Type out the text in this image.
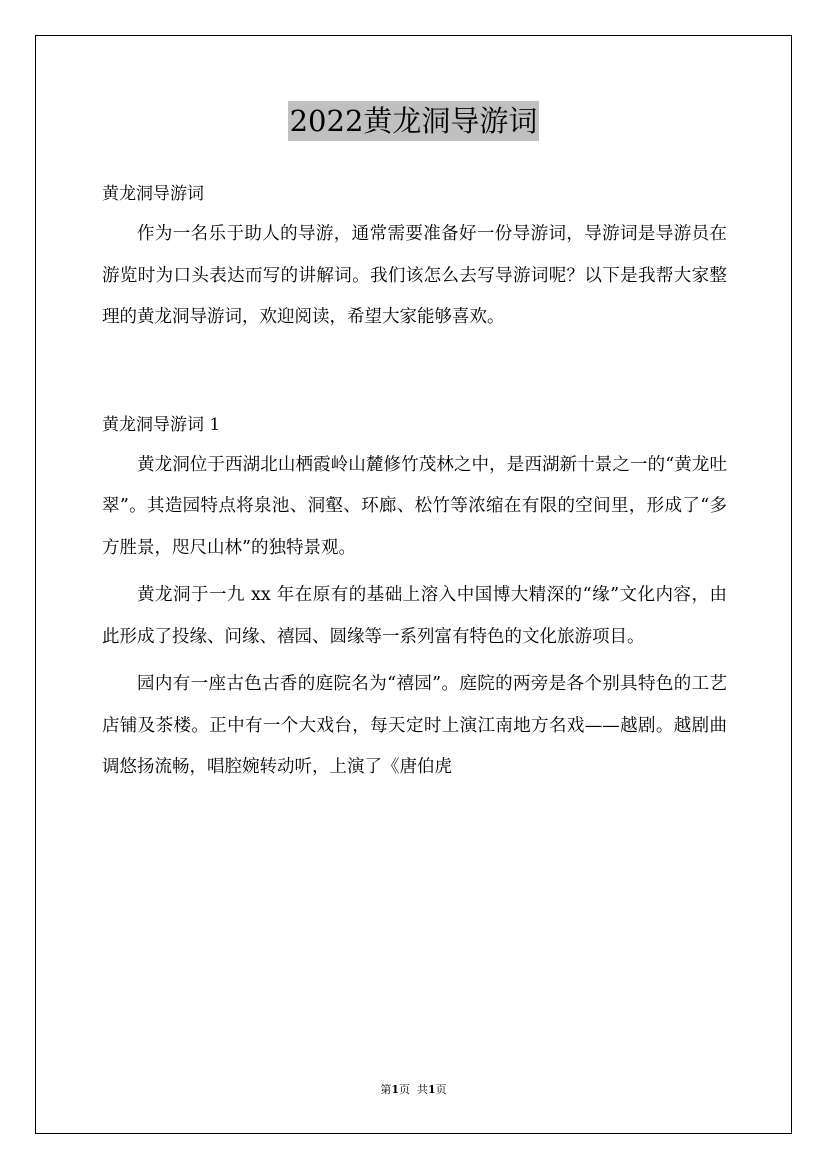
2022黄龙洞导游词

黄龙洞导游词

作为一名乐于助人的导游，通常需要准备好一份导游词，导游词是导游员在游览时为口头表达而写的讲解词。我们该怎么去写导游词呢？以下是我帮大家整理的黄龙洞导游词，欢迎阅读，希望大家能够喜欢。

黄龙洞导游词 1

黄龙洞位于西湖北山栖霞岭山麓修竹茂林之中，是西湖新十景之一的“黄龙吐翠”。其造园特点将泉池、洞壑、环廊、松竹等浓缩在有限的空间里，形成了“多方胜景，咫尺山林”的独特景观。

黄龙洞于一九 xx 年在原有的基础上溶入中国博大精深的“缘”文化内容，由此形成了投缘、问缘、禧园、圆缘等一系列富有特色的文化旅游项目。

园内有一座古色古香的庭院名为“禧园”。庭院的两旁是各个别具特色的工艺店铺及茶楼。正中有一个大戏台，每天定时上演江南地方名戏——越剧。越剧曲调悠扬流畅，唱腔婉转动听，上演了《唐伯虎

第1页 共1页
